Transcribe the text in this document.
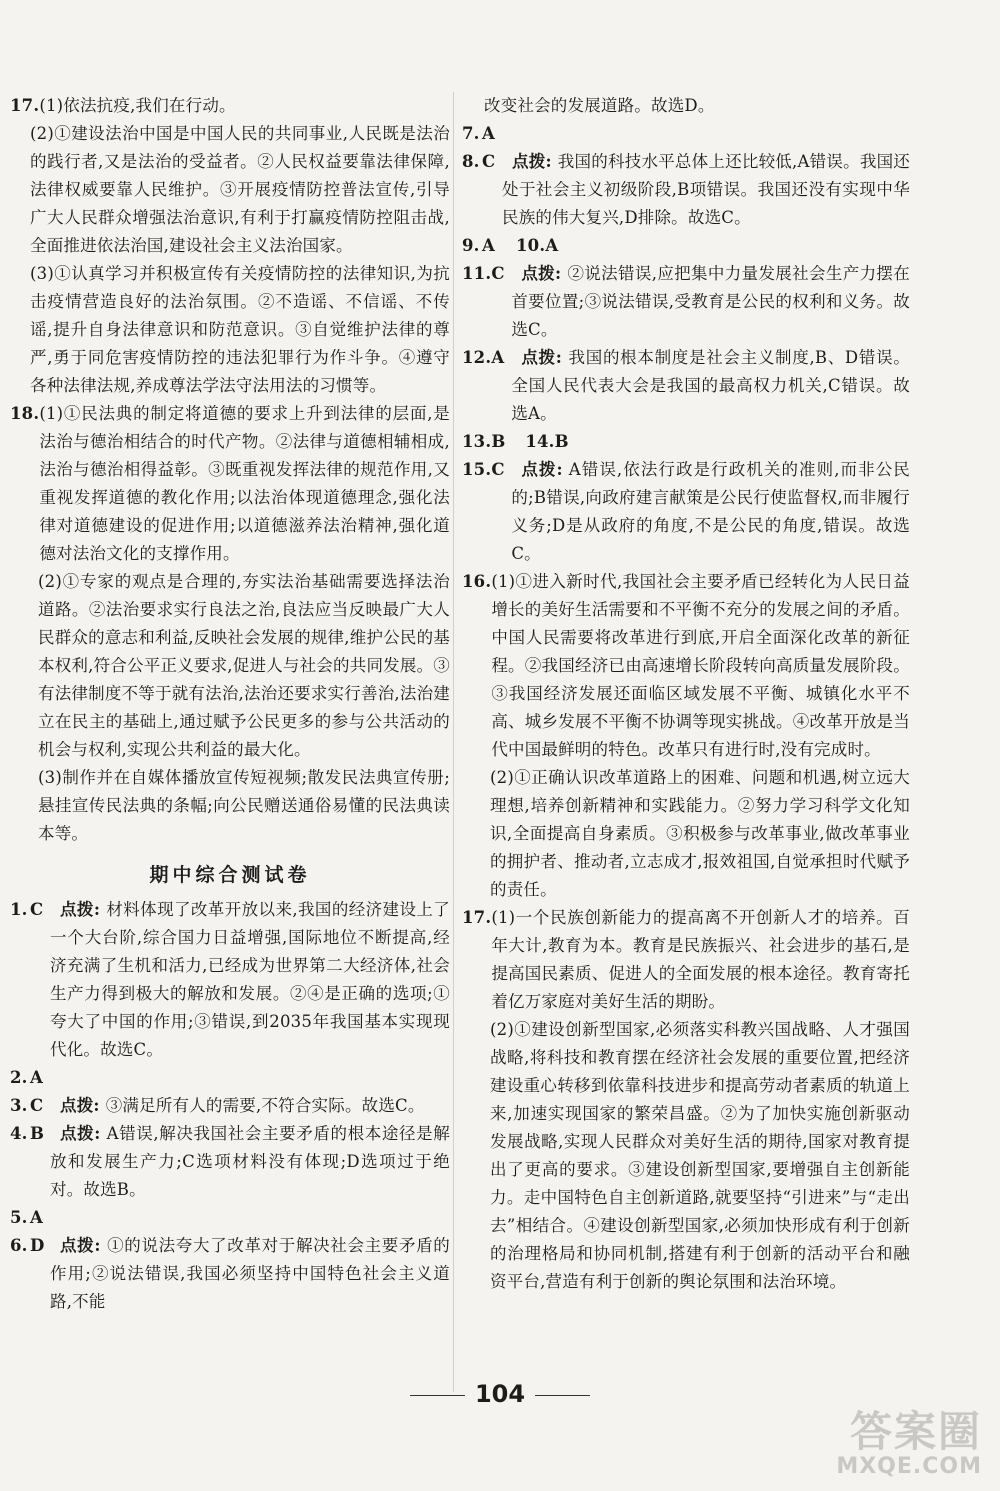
17. (1)依法抗疫,我们在行动。

(2)①建设法治中国是中国人民的共同事业,人民既是法治的践行者,又是法治的受益者。②人民权益要靠法律保障,法律权威要靠人民维护。③开展疫情防控普法宣传,引导广大人民群众增强法治意识,有利于打赢疫情防控阻击战,全面推进依法治国,建设社会主义法治国家。

(3)①认真学习并积极宣传有关疫情防控的法律知识,为抗击疫情营造良好的法治氛围。②不造谣、不信谣、不传谣,提升自身法律意识和防范意识。③自觉维护法律的尊严,勇于同危害疫情防控的违法犯罪行为作斗争。④遵守各种法律法规,养成尊法学法守法用法的习惯等。

18. (1)①民法典的制定将道德的要求上升到法律的层面,是法治与德治相结合的时代产物。②法律与道德相辅相成,法治与德治相得益彰。③既重视发挥法律的规范作用,又重视发挥道德的教化作用;以法治体现道德理念,强化法律对道德建设的促进作用;以道德滋养法治精神,强化道德对法治文化的支撑作用。

(2)①专家的观点是合理的,夯实法治基础需要选择法治道路。②法治要求实行良法之治,良法应当反映最广大人民群众的意志和利益,反映社会发展的规律,维护公民的基本权利,符合公平正义要求,促进人与社会的共同发展。③有法律制度不等于就有法治,法治还要求实行善治,法治建立在民主的基础上,通过赋予公民更多的参与公共活动的机会与权利,实现公共利益的最大化。

(3)制作并在自媒体播放宣传短视频;散发民法典宣传册;悬挂宣传民法典的条幅;向公民赠送通俗易懂的民法典读本等。

期中综合测试卷
1. C	点拨: 材料体现了改革开放以来,我国的经济建设上了一个大台阶,综合国力日益增强,国际地位不断提高,经济充满了生机和活力,已经成为世界第二大经济体,社会生产力得到极大的解放和发展。②④是正确的选项;①夸大了中国的作用;③错误,到2035年我国基本实现现代化。故选C。
2. A
3. C	点拨: ③满足所有人的需要,不符合实际。故选C。
4. B 点拨: A错误,解决我国社会主要矛盾的根本途径是解放和发展生产力;C选项材料没有体现;D选项过于绝对。故选B。
5. A
6. D 点拨: ①的说法夸大了改革对于解决社会主要矛盾的作用;②说法错误,我国必须坚持中国特色社会主义道路,不能

改变社会的发展道路。故选D。

7. A
8. C	点拨: 我国的科技水平总体上还比较低,A错误。我国还处于社会主义初级阶段,B项错误。我国还没有实现中华民族的伟大复兴,D排除。故选C。
9. A	10. A
11. C	点拨: ②说法错误,应把集中力量发展社会生产力摆在首要位置;③说法错误,受教育是公民的权利和义务。故选C。
12. A	点拨: 我国的根本制度是社会主义制度,B、D错误。全国人民代表大会是我国的最高权力机关,C错误。故选A。
13. B	14. B
15. C	点拨: A错误,依法行政是行政机关的准则,而非公民的;B错误,向政府建言献策是公民行使监督权,而非履行义务;D是从政府的角度,不是公民的角度,错误。故选C。
16. (1)①进入新时代,我国社会主要矛盾已经转化为人民日益增长的美好生活需要和不平衡不充分的发展之间的矛盾。中国人民需要将改革进行到底,开启全面深化改革的新征程。②我国经济已由高速增长阶段转向高质量发展阶段。③我国经济发展还面临区域发展不平衡、城镇化水平不高、城乡发展不平衡不协调等现实挑战。④改革开放是当代中国最鲜明的特色。改革只有进行时,没有完成时。

(2)①正确认识改革道路上的困难、问题和机遇,树立远大理想,培养创新精神和实践能力。②努力学习科学文化知识,全面提高自身素质。③积极参与改革事业,做改革事业的拥护者、推动者,立志成才,报效祖国,自觉承担时代赋予的责任。

17. (1)一个民族创新能力的提高离不开创新人才的培养。百年大计,教育为本。教育是民族振兴、社会进步的基石,是提高国民素质、促进人的全面发展的根本途径。教育寄托着亿万家庭对美好生活的期盼。

(2)①建设创新型国家,必须落实科教兴国战略、人才强国战略,将科技和教育摆在经济社会发展的重要位置,把经济建设重心转移到依靠科技进步和提高劳动者素质的轨道上来,加速实现国家的繁荣昌盛。②为了加快实施创新驱动发展战略,实现人民群众对美好生活的期待,国家对教育提出了更高的要求。③建设创新型国家,要增强自主创新能力。走中国特色自主创新道路,就要坚持“引进来”与“走出去”相结合。④建设创新型国家,必须加快形成有利于创新的治理格局和协同机制,搭建有利于创新的活动平台和融资平台,营造有利于创新的舆论氛围和法治环境。

104
答案圈
MXQE.COM
